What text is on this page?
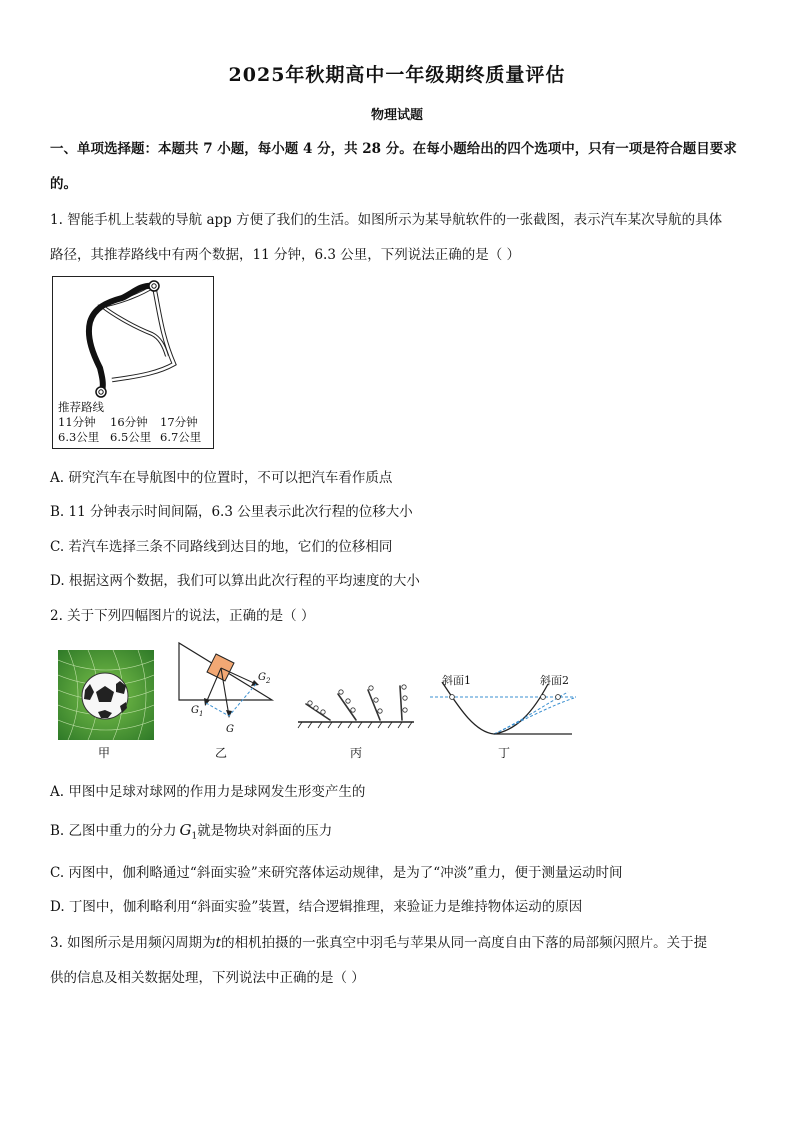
2025年秋期高中一年级期终质量评估
物理试题
一、单项选择题：本题共 7 小题，每小题 4 分，共 28 分。在每小题给出的四个选项中，只有一项是符合题目要求
的。
1. 智能手机上装载的导航 app 方便了我们的生活。如图所示为某导航软件的一张截图，表示汽车某次导航的具体
路径，其推荐路线中有两个数据，11 分钟，6.3 公里，下列说法正确的是（ ）
推荐路线
11分钟 16分钟 17分钟
6.3公里 6.5公里 6.7公里
A. 研究汽车在导航图中的位置时，不可以把汽车看作质点
B. 11 分钟表示时间间隔，6.3 公里表示此次行程的位移大小
C. 若汽车选择三条不同路线到达目的地，它们的位移相同
D. 根据这两个数据，我们可以算出此次行程的平均速度的大小
2. 关于下列四幅图片的说法，正确的是（ ）
甲
$G_2$
$G_1$
G
乙	丙
斜面1	斜面2
丁
A. 甲图中足球对球网的作用力是球网发生形变产生的
B. 乙图中重力的分力 $G_1$就是物块对斜面的压力
C. 丙图中，伽利略通过“斜面实验”来研究落体运动规律，是为了“冲淡”重力，便于测量运动时间
D. 丁图中，伽利略利用“斜面实验”装置，结合逻辑推理，来验证力是维持物体运动的原因
3. 如图所示是用频闪周期为t的相机拍摄的一张真空中羽毛与苹果从同一高度自由下落的局部频闪照片。关于提
供的信息及相关数据处理，下列说法中正确的是（ ）
